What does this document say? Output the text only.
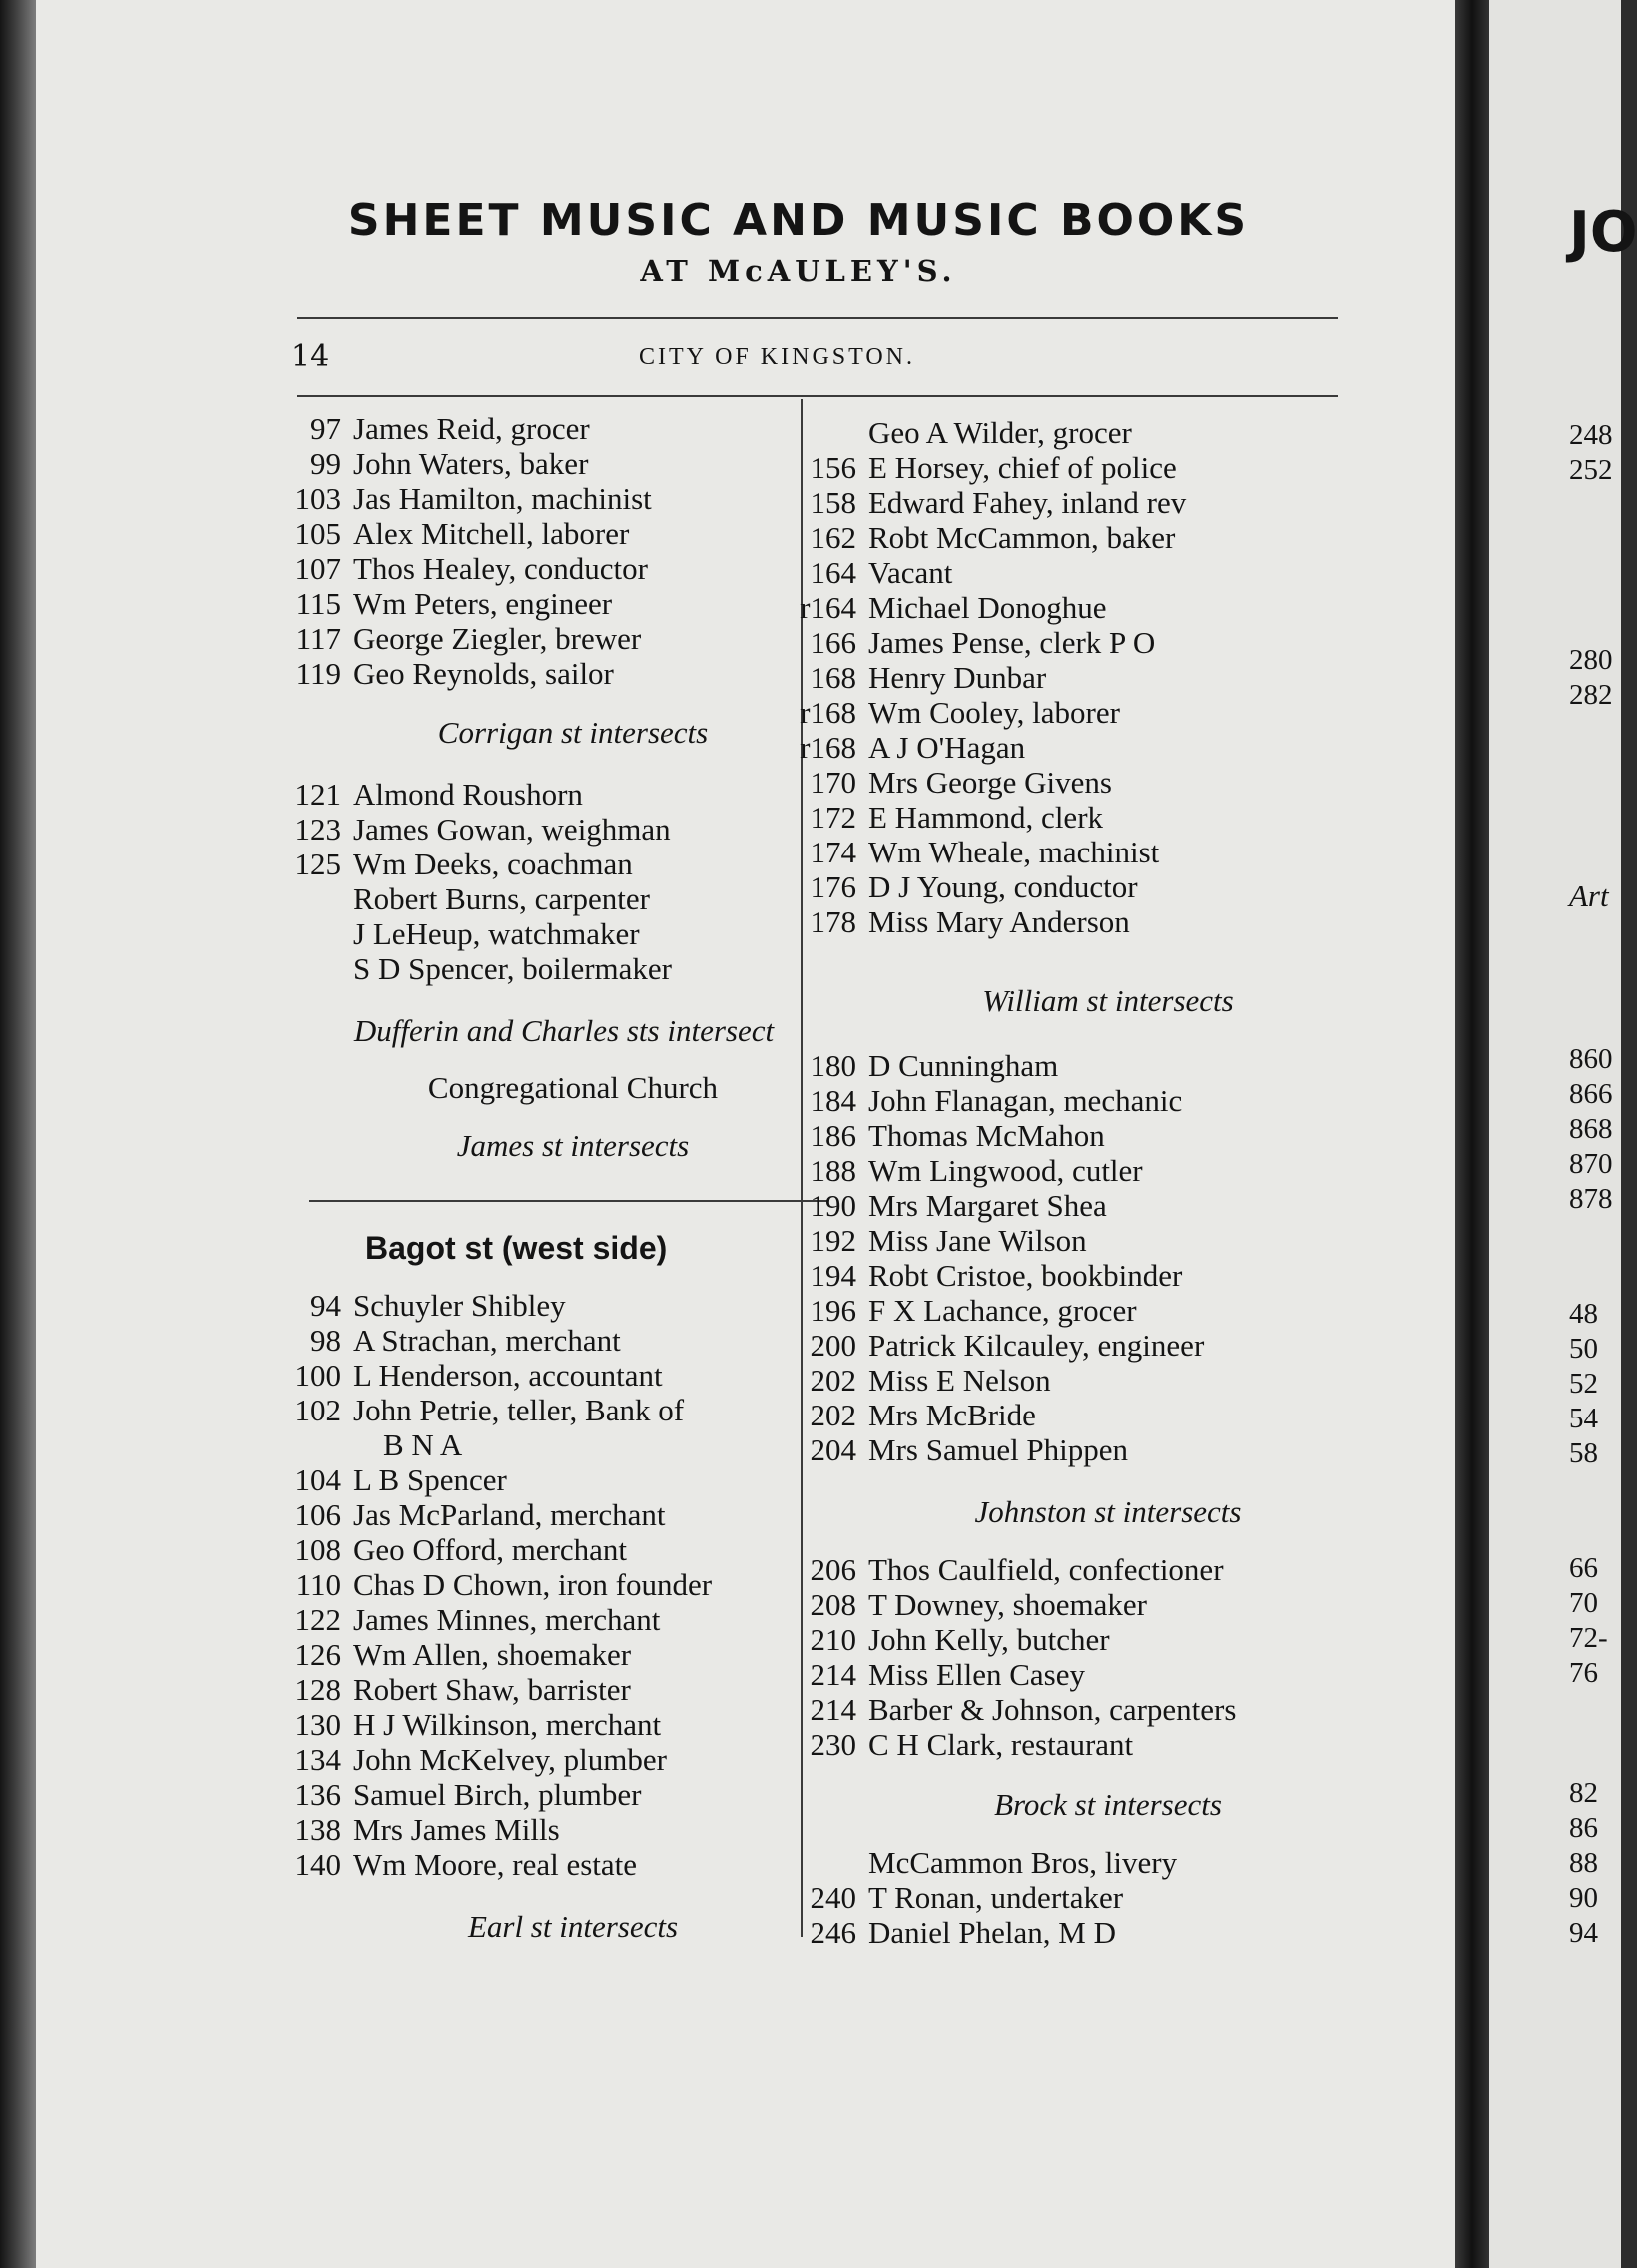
SHEET MUSIC AND MUSIC BOOKS
AT McAULEY'S.
14	CITY OF KINGSTON.
97 James Reid, grocer
99 John Waters, baker
103 Jas Hamilton, machinist
105 Alex Mitchell, laborer
107 Thos Healey, conductor
115 Wm Peters, engineer
117 George Ziegler, brewer
119 Geo Reynolds, sailor
Corrigan st intersects
121 Almond Roushorn
123 James Gowan, weighman
125 Wm Deeks, coachman
Robert Burns, carpenter
J LeHeup, watchmaker
S D Spencer, boilermaker
Dufferin and Charles sts intersect
Congregational Church
James st intersects
Bagot st (west side)
94 Schuyler Shibley
98 A Strachan, merchant
100 L Henderson, accountant
102 John Petrie, teller, Bank of
B N A
104 L B Spencer
106 Jas McParland, merchant
108 Geo Offord, merchant
110 Chas D Chown, iron founder
122 James Minnes, merchant
126 Wm Allen, shoemaker
128 Robert Shaw, barrister
130 H J Wilkinson, merchant
134 John McKelvey, plumber
136 Samuel Birch, plumber
138 Mrs James Mills
140 Wm Moore, real estate
Earl st intersects
Geo A Wilder, grocer
156 E Horsey, chief of police
158 Edward Fahey, inland rev
162 Robt McCammon, baker
164 Vacant
r164 Michael Donoghue
166 James Pense, clerk P O
168 Henry Dunbar
r168 Wm Cooley, laborer
r168 A J O'Hagan
170 Mrs George Givens
172 E Hammond, clerk
174 Wm Wheale, machinist
176 D J Young, conductor
178 Miss Mary Anderson
William st intersects
180 D Cunningham
184 John Flanagan, mechanic
186 Thomas McMahon
188 Wm Lingwood, cutler
190 Mrs Margaret Shea
192 Miss Jane Wilson
194 Robt Cristoe, bookbinder
196 F X Lachance, grocer
200 Patrick Kilcauley, engineer
202 Miss E Nelson
202 Mrs McBride
204 Mrs Samuel Phippen
Johnston st intersects
206 Thos Caulfield, confectioner
208 T Downey, shoemaker
210 John Kelly, butcher
214 Miss Ellen Casey
214 Barber & Johnson, carpenters
230 C H Clark, restaurant
Brock st intersects
McCammon Bros, livery
240 T Ronan, undertaker
246 Daniel Phelan, M D
JO
Art
248
252
280
282
860
866
868
870
878
48
50
52
54
58
66
70
72-
76
82
86
88
90
94
